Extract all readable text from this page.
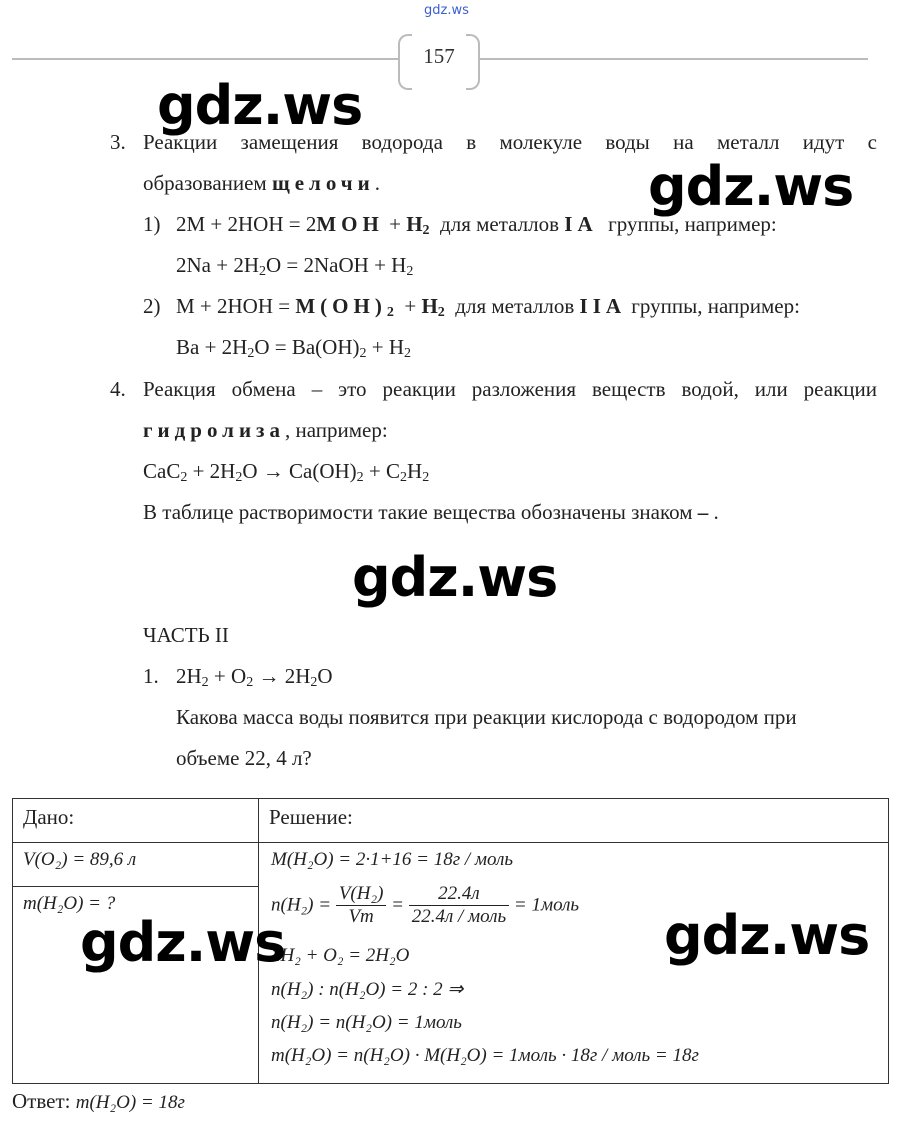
gdz.ws
157
gdz.ws
gdz.ws
gdz.ws
3. Реакции замещения водорода в молекуле воды на металл идут с
образованием щелочи.
1) $2M + 2HOH = 2MOH + H_2$ для металлов IA группы, например:
$2Na + 2H_2O$ = 2NaOH + $H_2$
2) $M + 2HOH = M(OH)_2 + H_2$ для металлов IIA группы, например:
$Ba + 2H_2O = Ba(OH)_2 + H_2$
4. Реакция обмена – это реакции разложения веществ водой, или реакции
гидролиза, например:
$CaC_2 + 2H_2O \to Ca(OH)_2 + C_2H_2$
В таблице растворимости такие вещества обозначены знаком – .
ЧАСТЬ II
1. $2H_2 + O_2 \to 2H_2O$
Какова масса воды появится при реакции кислорода с водородом при
объеме 22, 4 л?
Дано:	Решение:
V(O₂) = 89,6 л
m(H₂O) = ?
M(H₂O) = 2·1+16 = 18г / моль
$n(H_2) = \frac{\text{V(H₂)}}{Vm} = \frac{22.4л}{\text{22.4л / моль}}$ = 1моль
2H₂ + O₂ = 2H₂O
n(H₂) : n(H₂O) = 2 : 2 ⇒
n(H₂) = n(H₂O) = 1моль
m(H₂O) = n(H₂O) · M(H₂O) = 1моль · 18г / моль = 18г
gdz.ws	gdz.ws
Ответ: m(H₂O) = 18г
